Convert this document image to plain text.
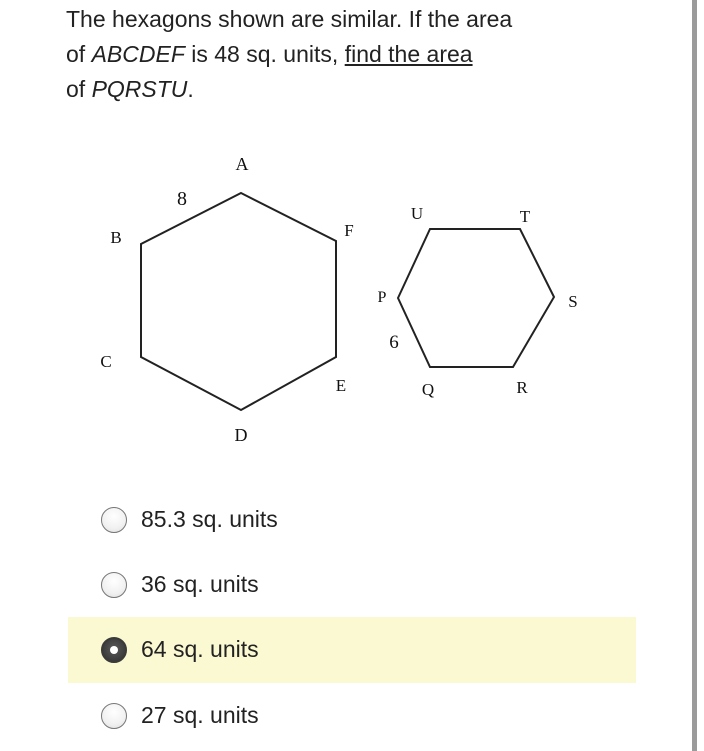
The hexagons shown are similar. If the area
of ABCDEF is 48 sq. units, find the area
of PQRSTU.
A
B
C
D
E
F
8
P
Q	R
S
T
U
6
85.3 sq. units
36 sq. units
64 sq. units
27 sq. units
